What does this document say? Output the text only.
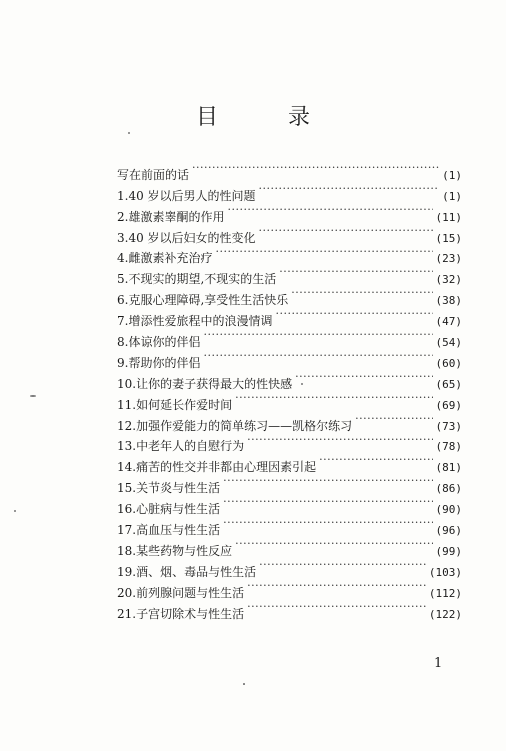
目	录
写在前面的话 ·····	(1)
1.40 岁以后男人的性问题 ·····	(1)
2.雄激素睾酮的作用 ·····	(11)
3.40 岁以后妇女的性变化 ·····	(15)
4.雌激素补充治疗 ·····	(23)
5.不现实的期望,不现实的生活 ·····	(32)
6.克服心理障碍,享受性生活快乐 ·····	(38)
7.增添性爱旅程中的浪漫情调 ·····	(47)
8.体谅你的伴侣 ·····	(54)
9.帮助你的伴侣 ·····	(60)
10.让你的妻子获得最大的性快感 ·····	(65)
11.如何延长作爱时间 ·····	(69)
12.加强作爱能力的简单练习——凯格尔练习 ·····	(73)
13.中老年人的自慰行为 ·····	(78)
14.痛苦的性交并非都由心理因素引起 ·····	(81)
15.关节炎与性生活 ·····	(86)
16.心脏病与性生活 ·····	(90)
17.高血压与性生活 ·····	(96)
18.某些药物与性反应 ·····	(99)
19.酒、烟、毒品与性生活 ·····	(103)
20.前列腺问题与性生活 ·····	(112)
21.子宫切除术与性生活 ·····	(122)
1
